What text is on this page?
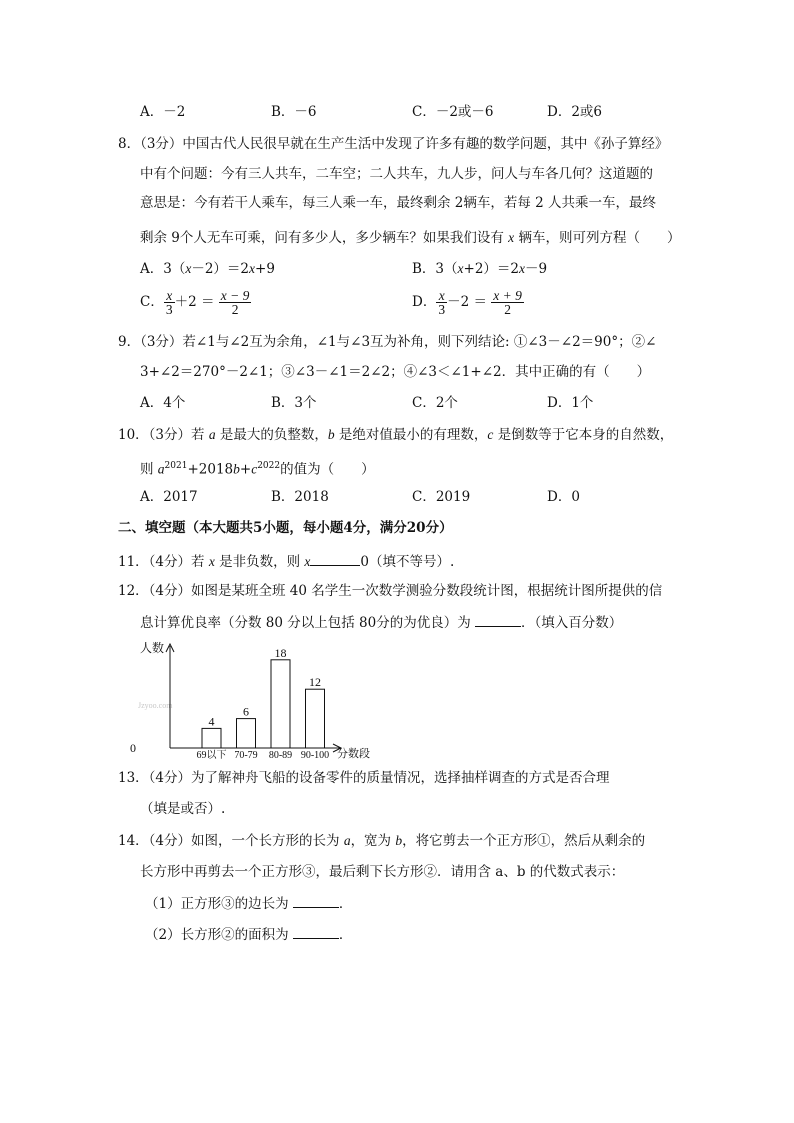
A．－2	B．－6	C．－2或－6	D．2或6
8．（3分）中国古代人民很早就在生产生活中发现了许多有趣的数学问题，其中《孙子算经》
中有个问题：今有三人共车，二车空；二人共车，九人步，问人与车各几何？这道题的
意思是：今有若干人乘车，每三人乘一车，最终剩余 2辆车，若每 2 人共乘一车，最终
剩余 9个人无车可乘，问有多少人，多少辆车？如果我们设有 x 辆车，则可列方程（　　）
A．3（x－2）＝2x+9	B．3（x+2）＝2x－9
C． $\frac{x}{3} +2 = \frac{x - 9}{2}$	D． $\frac{x}{3} -2 = \frac{x + 9}{2}$
9．（3分）若∠1与∠2互为余角，∠1与∠3互为补角，则下列结论: ①∠3－∠2＝90°；②∠
3+∠2＝270°－2∠1；③∠3－∠1＝2∠2；④∠3＜∠1+∠2．其中正确的有（　　）
A．4个	B．3个	C．2个	D．1个
10．（3分）若 a 是最大的负整数，b 是绝对值最小的有理数，c 是倒数等于它本身的自然数，
则 $a^{2021}+2018b+c^{2022}$的值为（　　）
A．2017	B．2018	C．2019	D．0
二、填空题（本大题共5小题，每小题4分，满分20分）
11．（4分）若 x 是非负数，则 x	0（填不等号）.
12．（4分）如图是某班全班 40 名学生一次数学测验分数段统计图，根据统计图所提供的信
息计算优良率（分数 80 分以上包括 80分的为优良）为	．（填入百分数）
Jzyoo.com
人数
分数段
0
4
69以下
6
70-79
18
80-89
12
90-100
13．（4分）为了解神舟飞船的设备零件的质量情况，选择抽样调查的方式是否合理
（填是或否）.
14．（4分）如图，一个长方形的长为 a，宽为 b，将它剪去一个正方形①，然后从剩余的
长方形中再剪去一个正方形③，最后剩下长方形②．请用含 a、b 的代数式表示：
（1）正方形③的边长为	．
（2）长方形②的面积为	．
